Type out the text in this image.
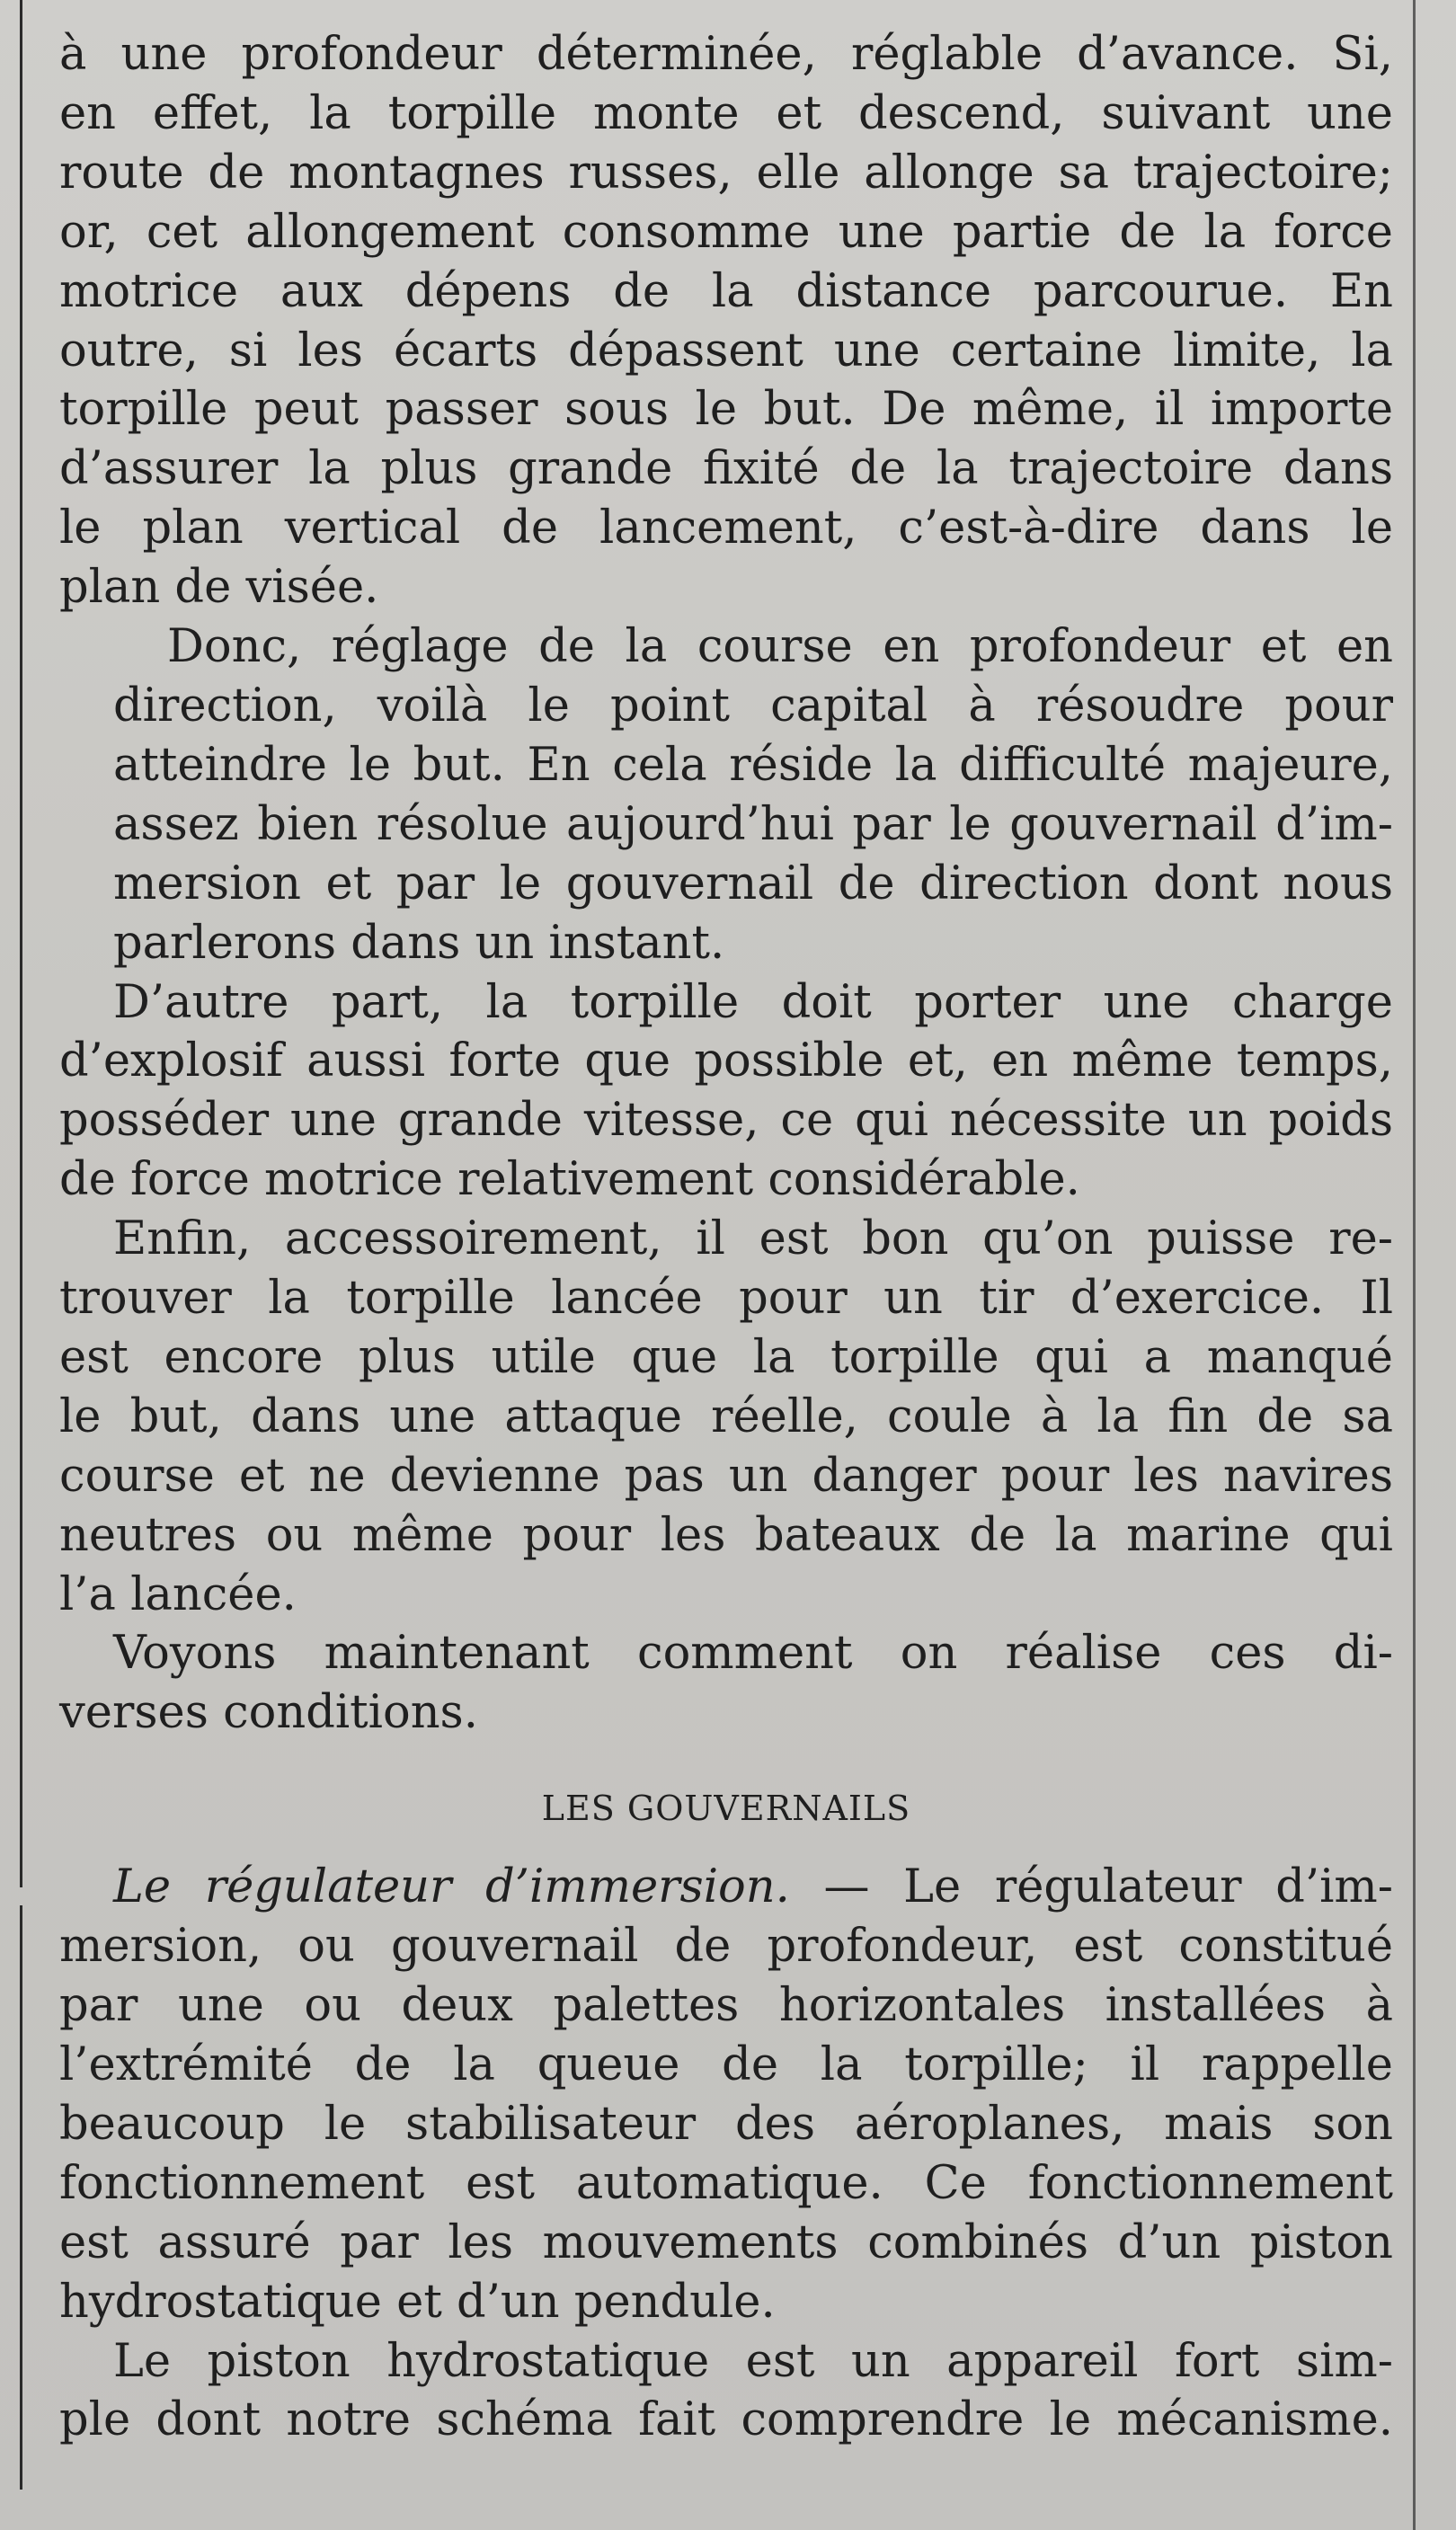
à une profondeur déterminée, réglable d’avance. Si,
en effet, la torpille monte et descend, suivant une
route de montagnes russes, elle allonge sa trajectoire;
or, cet allongement consomme une partie de la force
motrice aux dépens de la distance parcourue. En
outre, si les écarts dépassent une certaine limite, la
torpille peut passer sous le but. De même, il importe
d’assurer la plus grande fixité de la trajectoire dans
le plan vertical de lancement, c’est-à-dire dans le
plan de visée.
Donc, réglage de la course en profondeur et en
direction, voilà le point capital à résoudre pour
atteindre le but. En cela réside la difficulté majeure,
assez bien résolue aujourd’hui par le gouvernail d’im-
mersion et par le gouvernail de direction dont nous
parlerons dans un instant.
D’autre part, la torpille doit porter une charge
d’explosif aussi forte que possible et, en même temps,
posséder une grande vitesse, ce qui nécessite un poids
de force motrice relativement considérable.
Enfin, accessoirement, il est bon qu’on puisse re-
trouver la torpille lancée pour un tir d’exercice. Il
est encore plus utile que la torpille qui a manqué
le but, dans une attaque réelle, coule à la fin de sa
course et ne devienne pas un danger pour les navires
neutres ou même pour les bateaux de la marine qui
l’a lancée.
Voyons maintenant comment on réalise ces di-
verses conditions.
LES GOUVERNAILS
Le régulateur d’immersion. — Le régulateur d’im-
mersion, ou gouvernail de profondeur, est constitué
par une ou deux palettes horizontales installées à
l’extrémité de la queue de la torpille; il rappelle
beaucoup le stabilisateur des aéroplanes, mais son
fonctionnement est automatique. Ce fonctionnement
est assuré par les mouvements combinés d’un piston
hydrostatique et d’un pendule.
Le piston hydrostatique est un appareil fort sim-
ple dont notre schéma fait comprendre le mécanisme.
